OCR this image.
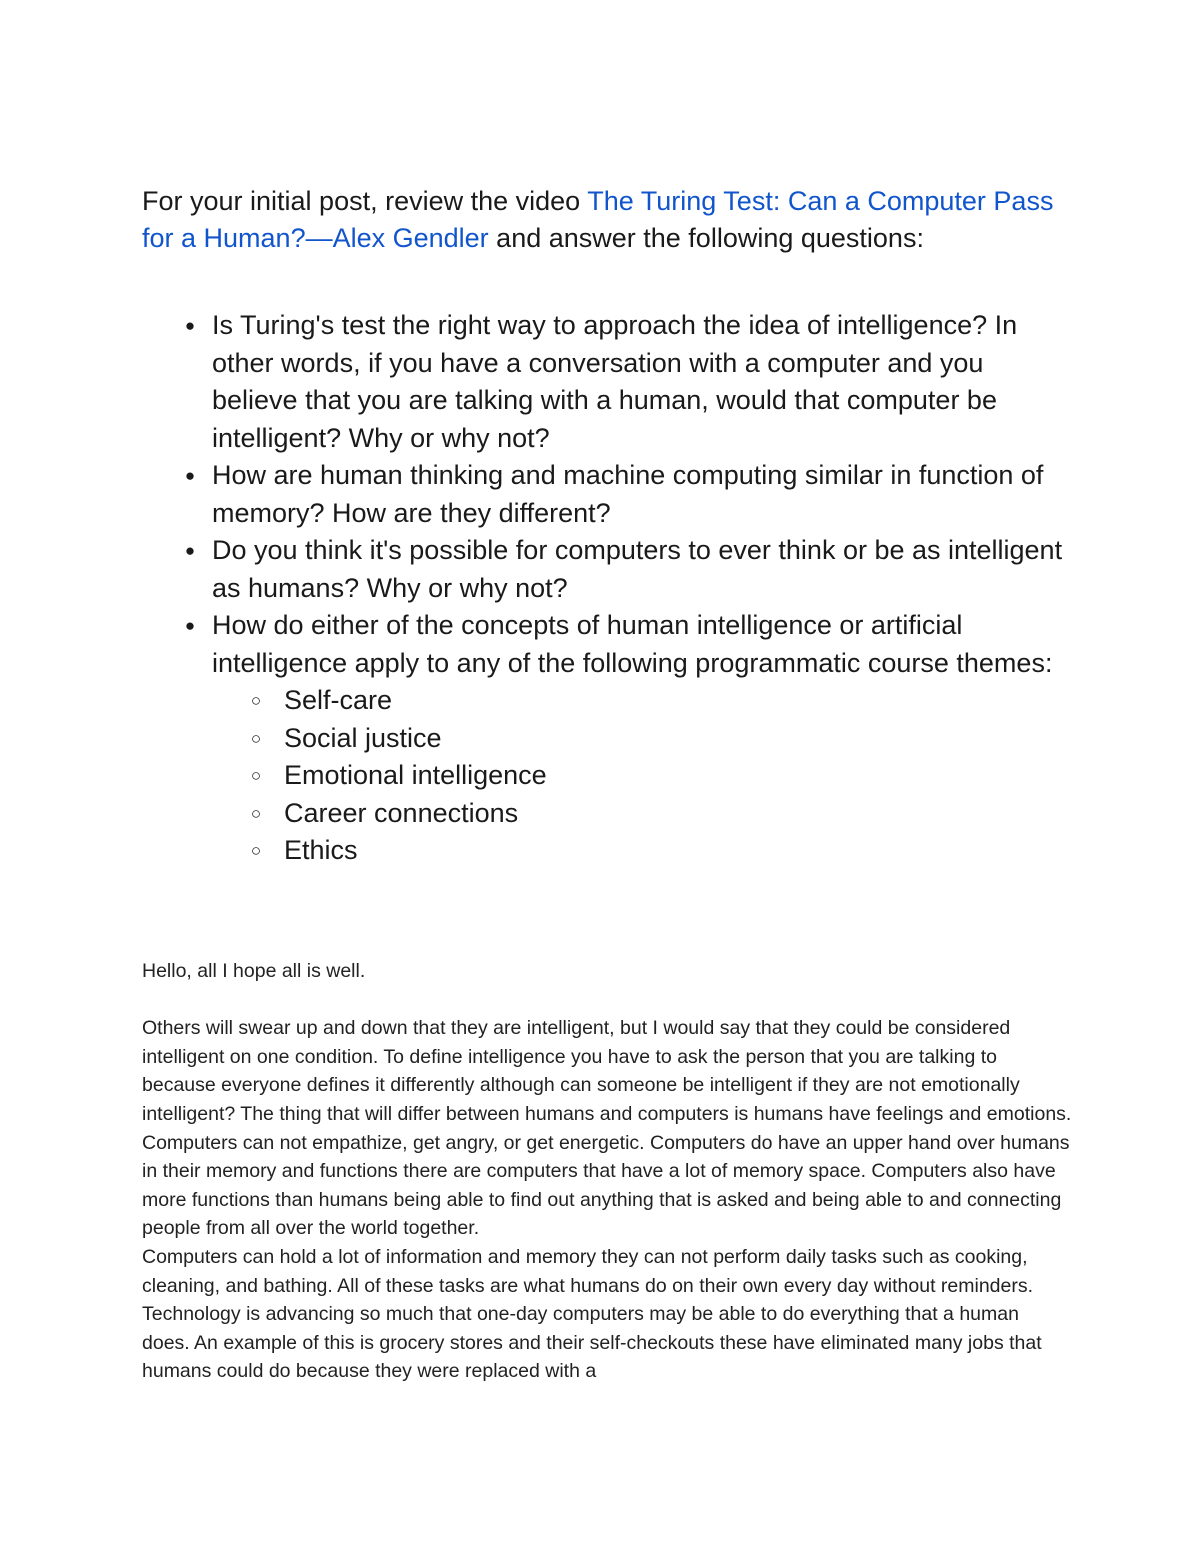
For your initial post, review the video The Turing Test: Can a Computer Pass for a Human?—Alex Gendler and answer the following questions:

● Is Turing's test the right way to approach the idea of intelligence? In other words, if you have a conversation with a computer and you believe that you are talking with a human, would that computer be intelligent? Why or why not?
● How are human thinking and machine computing similar in function of memory? How are they different?
● Do you think it's possible for computers to ever think or be as intelligent as humans? Why or why not?
● How do either of the concepts of human intelligence or artificial intelligence apply to any of the following programmatic course themes:
○ Self-care
○ Social justice
○ Emotional intelligence
○ Career connections
○ Ethics

Hello, all I hope all is well.

Others will swear up and down that they are intelligent, but I would say that they could be considered intelligent on one condition. To define intelligence you have to ask the person that you are talking to because everyone defines it differently although can someone be intelligent if they are not emotionally intelligent? The thing that will differ between humans and computers is humans have feelings and emotions. Computers can not empathize, get angry, or get energetic. Computers do have an upper hand over humans in their memory and functions there are computers that have a lot of memory space. Computers also have more functions than humans being able to find out anything that is asked and being able to and connecting people from all over the world together.

Computers can hold a lot of information and memory they can not perform daily tasks such as cooking, cleaning, and bathing. All of these tasks are what humans do on their own every day without reminders. Technology is advancing so much that one-day computers may be able to do everything that a human does. An example of this is grocery stores and their self-checkouts these have eliminated many jobs that humans could do because they were replaced with a
